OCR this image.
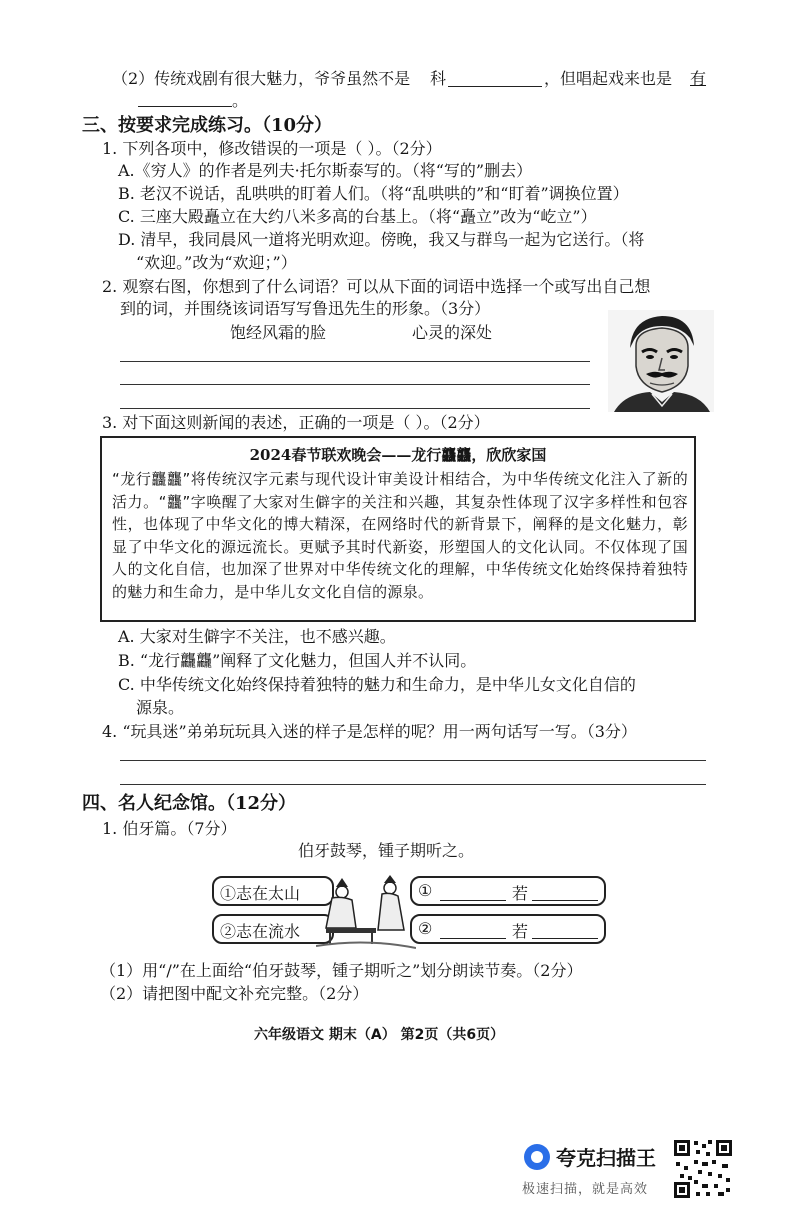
（2）传统戏剧有很大魅力，爷爷虽然不是 科	，但唱起戏来也是 有
。
三、按要求完成练习。（10分）
1. 下列各项中，修改错误的一项是（ ）。（2分）
A.《穷人》的作者是列夫·托尔斯泰写的。（将“写的”删去）
B. 老汉不说话，乱哄哄的盯着人们。（将“乱哄哄的”和“盯着”调换位置）
C. 三座大殿矗立在大约八米多高的台基上。（将“矗立”改为“屹立”）
D. 清早，我同晨风一道将光明欢迎。傍晚，我又与群鸟一起为它送行。（将
“欢迎。”改为“欢迎；”）
2. 观察右图，你想到了什么词语？可以从下面的词语中选择一个或写出自己想
到的词，并围绕该词语写写鲁迅先生的形象。（3分）
饱经风霜的脸	心灵的深处
3. 对下面这则新闻的表述，正确的一项是（ ）。（2分）
2024春节联欢晚会——龙行龘龘，欣欣家国
“龙行龘龘”将传统汉字元素与现代设计审美设计相结合，为中华传统文化注入了新的活力。“龘”字唤醒了大家对生僻字的关注和兴趣，其复杂性体现了汉字多样性和包容性，也体现了中华文化的博大精深，在网络时代的新背景下，阐释的是文化魅力，彰显了中华文化的源远流长。更赋予其时代新姿，形塑国人的文化认同。不仅体现了国人的文化自信，也加深了世界对中华传统文化的理解，中华传统文化始终保持着独特的魅力和生命力，是中华儿女文化自信的源泉。
A. 大家对生僻字不关注，也不感兴趣。
B. “龙行龘龘”阐释了文化魅力，但国人并不认同。
C. 中华传统文化始终保持着独特的魅力和生命力，是中华儿女文化自信的
源泉。
4. “玩具迷”弟弟玩玩具入迷的样子是怎样的呢？用一两句话写一写。（3分）
四、名人纪念馆。（12分）
1. 伯牙篇。（7分）
伯牙鼓琴，锺子期听之。
①志在太山
②志在流水
①	若
②	若
（1）用“/”在上面给“伯牙鼓琴，锺子期听之”划分朗读节奏。（2分）
（2）请把图中配文补充完整。（2分）
六年级语文 期末（A） 第2页（共6页）
夸克扫描王
极速扫描，就是高效
